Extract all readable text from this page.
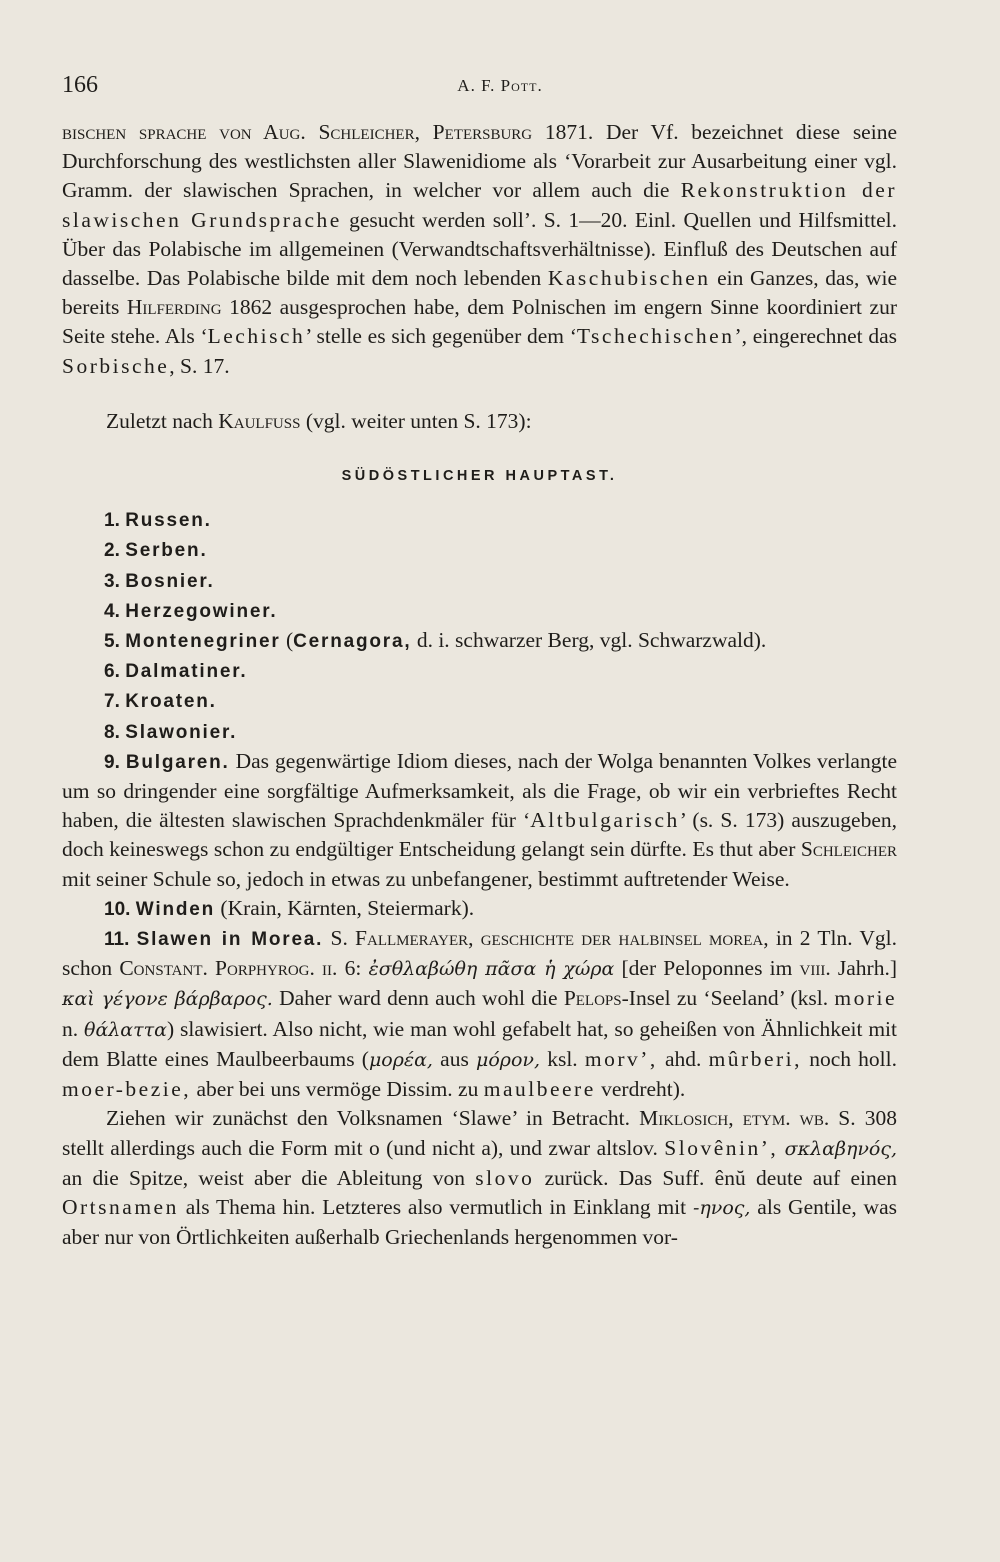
166	A. F. Pott.

bischen sprache von Aug. Schleicher, Petersburg 1871. Der Vf. bezeichnet diese seine Durchforschung des westlichsten aller Slawenidiome als ‘Vorarbeit zur Ausarbeitung einer vgl. Gramm. der slawischen Sprachen, in welcher vor allem auch die Rekonstruktion der slawischen Grundsprache gesucht werden soll’. S. 1—20. Einl. Quellen und Hilfsmittel. Über das Polabische im allgemeinen (Verwandtschaftsverhältnisse). Einfluß des Deutschen auf dasselbe. Das Polabische bilde mit dem noch lebenden Kaschubischen ein Ganzes, das, wie bereits Hilferding 1862 ausgesprochen habe, dem Polnischen im engern Sinne koordiniert zur Seite stehe. Als ‘Lechisch’ stelle es sich gegenüber dem ‘Tschechischen’, eingerechnet das Sorbische, S. 17.

Zuletzt nach Kaulfuss (vgl. weiter unten S. 173):

SÜDÖSTLICHER HAUPTAST.

1. Russen.
2. Serben.
3. Bosnier.
4. Herzegowiner.
5. Montenegriner (Cernagora, d. i. schwarzer Berg, vgl. Schwarzwald).
6. Dalmatiner.
7. Kroaten.
8. Slawonier.

9. Bulgaren. Das gegenwärtige Idiom dieses, nach der Wolga benannten Volkes verlangte um so dringender eine sorgfältige Aufmerksamkeit, als die Frage, ob wir ein verbrieftes Recht haben, die ältesten slawischen Sprachdenkmäler für ‘Altbulgarisch’ (s. S. 173) auszugeben, doch keineswegs schon zu endgültiger Entscheidung gelangt sein dürfte. Es thut aber Schleicher mit seiner Schule so, jedoch in etwas zu unbefangener, bestimmt auftretender Weise.

10. Winden (Krain, Kärnten, Steiermark).

11. Slawen in Morea. S. Fallmerayer, geschichte der halbinsel morea, in 2 Tln. Vgl. schon Constant. Porphyrog. ii. 6: ἐσθλαβώθη πᾶσα ἡ χώρα [der Peloponnes im viii. Jahrh.] καὶ γέγονε βάρβαρος. Daher ward denn auch wohl die Pelops-Insel zu ‘Seeland’ (ksl. morie n. θάλαττα) slawisiert. Also nicht, wie man wohl gefabelt hat, so geheißen von Ähnlichkeit mit dem Blatte eines Maulbeerbaums (μορέα, aus μόρον, ksl. morv’, ahd. mûrberi, noch holl. moer-bezie, aber bei uns vermöge Dissim. zu maulbeere verdreht).

Ziehen wir zunächst den Volksnamen ‘Slawe’ in Betracht. Miklosich, etym. wb. S. 308 stellt allerdings auch die Form mit o (und nicht a), und zwar altslov. Slovênin’, σκλαβηνός, an die Spitze, weist aber die Ableitung von slovo zurück. Das Suff. ênŭ deute auf einen Ortsnamen als Thema hin. Letzteres also vermutlich in Einklang mit -ηνος, als Gentile, was aber nur von Örtlichkeiten außerhalb Griechenlands hergenommen vor-
